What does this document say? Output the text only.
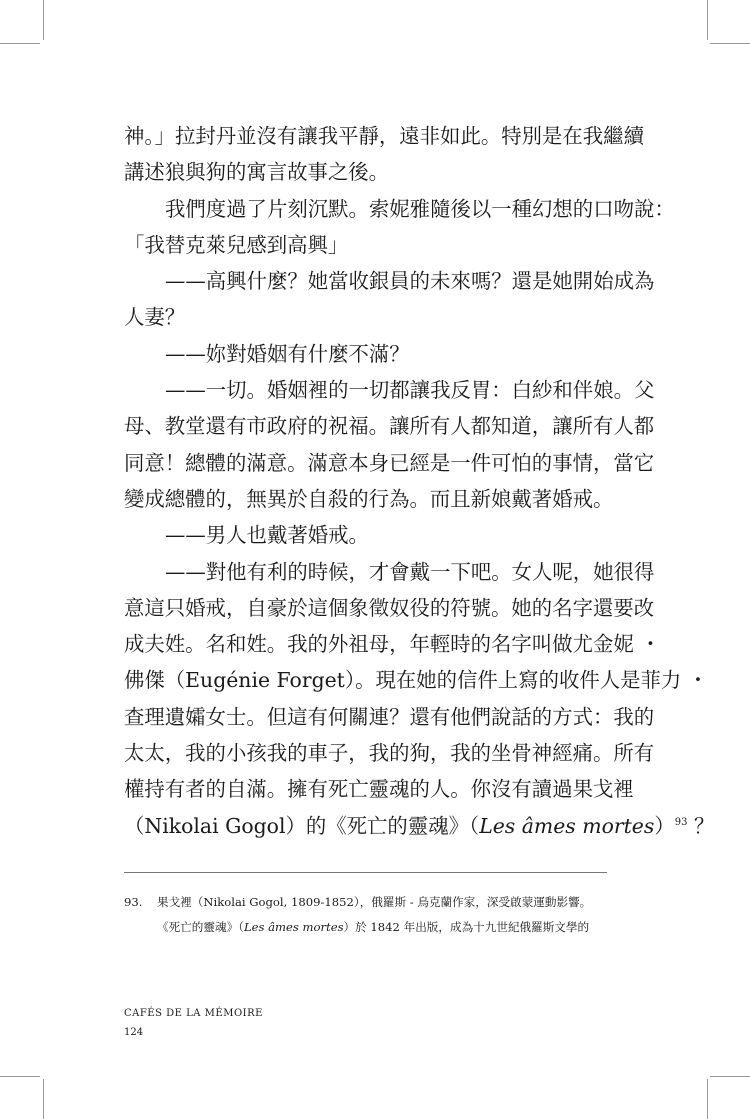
神。」拉封丹並沒有讓我平靜，遠非如此。特別是在我繼續

講述狼與狗的寓言故事之後。

我們度過了片刻沉默。索妮雅隨後以一種幻想的口吻說：

「我替克萊兒感到高興」

——高興什麼？她當收銀員的未來嗎？還是她開始成為

人妻？

——妳對婚姻有什麼不滿？

——一切。婚姻裡的一切都讓我反胃：白紗和伴娘。父

母、教堂還有市政府的祝福。讓所有人都知道，讓所有人都

同意！總體的滿意。滿意本身已經是一件可怕的事情，當它

變成總體的，無異於自殺的行為。而且新娘戴著婚戒。

——男人也戴著婚戒。

——對他有利的時候，才會戴一下吧。女人呢，她很得

意這只婚戒，自豪於這個象徵奴役的符號。她的名字還要改

成夫姓。名和姓。我的外祖母，年輕時的名字叫做尤金妮 ・

佛傑（Eugénie Forget）。現在她的信件上寫的收件人是菲力 ・

查理遺孀女士。但這有何關連？還有他們說話的方式：我的

太太，我的小孩我的車子，我的狗，我的坐骨神經痛。所有

權持有者的自滿。擁有死亡靈魂的人。你沒有讀過果戈裡

（Nikolai Gogol）的《死亡的靈魂》（Les âmes mortes）$^{93}$ ？

93. 果戈裡（Nikolai Gogol, 1809-1852），俄羅斯 - 烏克蘭作家，深受啟蒙運動影響。

《死亡的靈魂》（Les âmes mortes）於 1842 年出版，成為十九世紀俄羅斯文學的

CAFÉS DE LA MÉMOIRE
124
